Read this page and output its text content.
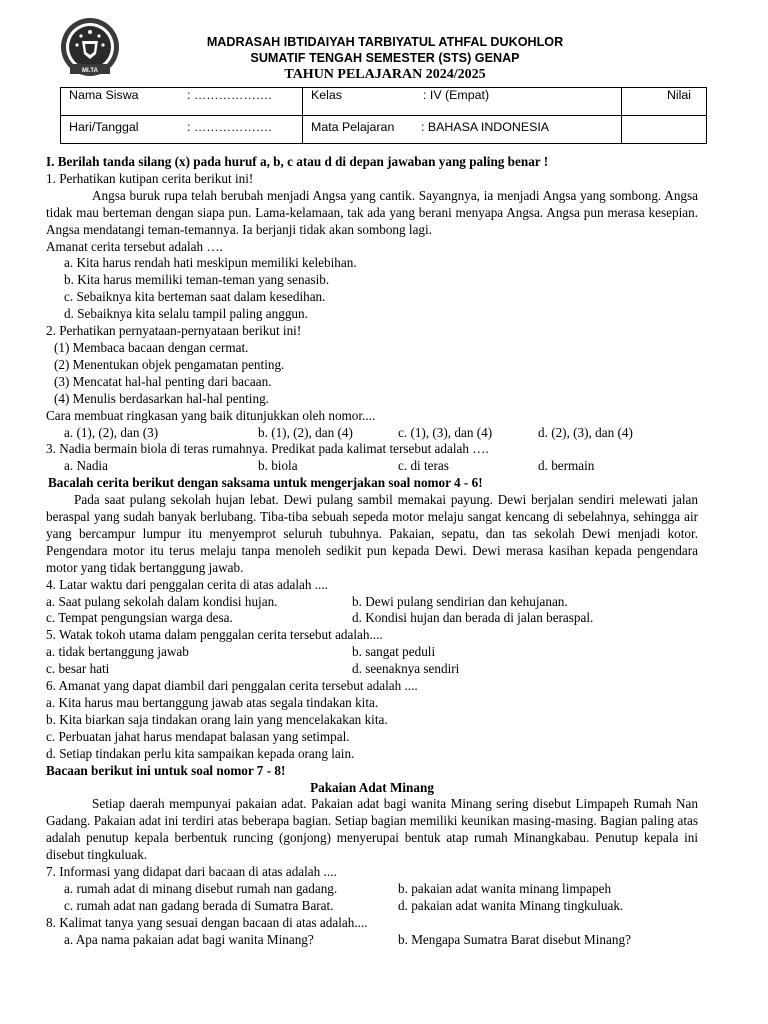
MI.TA
MADRASAH IBTIDAIYAH TARBIYATUL ATHFAL DUKOHLOR
SUMATIF TENGAH SEMESTER (STS) GENAP
TAHUN PELAJARAN 2024/2025
Nama Siswa : ……………….	Kelas : IV (Empat)	Nilai
Hari/Tanggal : ……………….	Mata Pelajaran : BAHASA INDONESIA	

I. Berilah tanda silang (x) pada huruf a, b, c atau d di depan jawaban yang paling benar !

1. Perhatikan kutipan cerita berikut ini!

Angsa buruk rupa telah berubah menjadi Angsa yang cantik. Sayangnya, ia menjadi Angsa yang sombong. Angsa tidak mau berteman dengan siapa pun. Lama-kelamaan, tak ada yang berani menyapa Angsa. Angsa pun merasa kesepian. Angsa mendatangi teman-temannya. Ia berjanji tidak akan sombong lagi.

Amanat cerita tersebut adalah ….

a. Kita harus rendah hati meskipun memiliki kelebihan.

b. Kita harus memiliki teman-teman yang senasib.

c. Sebaiknya kita berteman saat dalam kesedihan.

d. Sebaiknya kita selalu tampil paling anggun.

2. Perhatikan pernyataan-pernyataan berikut ini!

(1) Membaca bacaan dengan cermat.

(2) Menentukan objek pengamatan penting.

(3) Mencatat hal-hal penting dari bacaan.

(4) Menulis berdasarkan hal-hal penting.

Cara membuat ringkasan yang baik ditunjukkan oleh nomor....

a. (1), (2), dan (3)	b. (1), (2), dan (4)	c. (1), (3), dan (4)	d. (2), (3), dan (4)

3. Nadia bermain biola di teras rumahnya. Predikat pada kalimat tersebut adalah ….

a. Nadia	b. biola	c. di teras	d. bermain

Bacalah cerita berikut dengan saksama untuk mengerjakan soal nomor 4 - 6!

Pada saat pulang sekolah hujan lebat. Dewi pulang sambil memakai payung. Dewi berjalan sendiri melewati jalan beraspal yang sudah banyak berlubang. Tiba-tiba sebuah sepeda motor melaju sangat kencang di sebelahnya, sehingga air yang bercampur lumpur itu menyemprot seluruh tubuhnya. Pakaian, sepatu, dan tas sekolah Dewi menjadi kotor. Pengendara motor itu terus melaju tanpa menoleh sedikit pun kepada Dewi. Dewi merasa kasihan kepada pengendara motor yang tidak bertanggung jawab.

4. Latar waktu dari penggalan cerita di atas adalah ....

a. Saat pulang sekolah dalam kondisi hujan.	b. Dewi pulang sendirian dan kehujanan.
c. Tempat pengungsian warga desa.	d. Kondisi hujan dan berada di jalan beraspal.

5. Watak tokoh utama dalam penggalan cerita tersebut adalah....

a. tidak bertanggung jawab	b. sangat peduli
c. besar hati	d. seenaknya sendiri

6. Amanat yang dapat diambil dari penggalan cerita tersebut adalah ....

a. Kita harus mau bertanggung jawab atas segala tindakan kita.

b. Kita biarkan saja tindakan orang lain yang mencelakakan kita.

c. Perbuatan jahat harus mendapat balasan yang setimpal.

d. Setiap tindakan perlu kita sampaikan kepada orang lain.

Bacaan berikut ini untuk soal nomor 7 - 8!

Pakaian Adat Minang

Setiap daerah mempunyai pakaian adat. Pakaian adat bagi wanita Minang sering disebut Limpapeh Rumah Nan Gadang. Pakaian adat ini terdiri atas beberapa bagian. Setiap bagian memiliki keunikan masing-masing. Bagian paling atas adalah penutup kepala berbentuk runcing (gonjong) menyerupai bentuk atap rumah Minangkabau. Penutup kepala ini disebut tingkuluak.

7. Informasi yang didapat dari bacaan di atas adalah ....

a. rumah adat di minang disebut rumah nan gadang.	b. pakaian adat wanita minang limpapeh
c. rumah adat nan gadang berada di Sumatra Barat.	d. pakaian adat wanita Minang tingkuluak.

8. Kalimat tanya yang sesuai dengan bacaan di atas adalah....

a. Apa nama pakaian adat bagi wanita Minang?	b. Mengapa Sumatra Barat disebut Minang?
